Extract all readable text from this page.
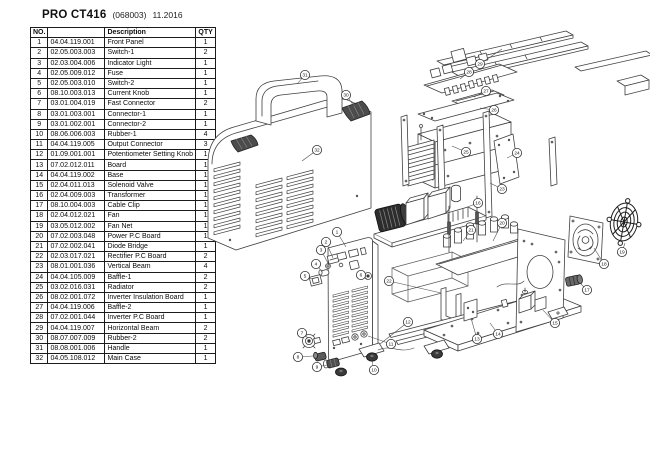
PRO CT416 (068003) 11.2016
NO.		Description	QTY
1	04.04.119.001	Front Panel	1
2	02.05.003.003	Switch-1	2
3	02.03.004.006	Indicator Light	1
4	02.05.009.012	Fuse	1
5	02.05.003.010	Switch-2	1
6	08.10.003.013	Current Knob	1
7	03.01.004.019	Fast Connector	2
8	03.01.003.001	Connector-1	1
9	03.01.002.001	Connector-2	1
10	08.06.006.003	Rubber-1	4
11	04.04.119.005	Output Connector	3
12	01.09.001.001	Potentiometer Setting Knob	1
13	07.02.012.011	Board	1
14	04.04.119.002	Base	1
15	02.04.011.013	Solenoid Valve	1
16	02.04.009.003	Transformer	1
17	08.10.004.003	Cable Clip	1
18	02.04.012.021	Fan	1
19	03.05.012.002	Fan Net	1
20	07.02.003.048	Power P.C Board	1
21	07.02.002.041	Diode Bridge	1
22	02.03.017.021	Rectifier P.C Board	2
23	08.01.001.036	Vertical Beam	4
24	04.04.105.009	Baffle-1	2
25	03.02.016.031	Radiator	2
26	08.02.001.072	Inverter Insulation Board	1
27	04.04.119.006	Baffle-2	1
28	07.02.001.044	Inverter P.C Board	1
29	04.04.119.007	Horizontal Beam	2
30	08.07.007.009	Rubber-2	2
31	08.08.001.006	Handle	1
32	04.05.108.012	Main Case	1
1
2
3
4
5	6
7
8
9
10
11
12
13
14
15
16
17
18
19
20
21
22
23
24
25
26
27
28
29
30
31
32
